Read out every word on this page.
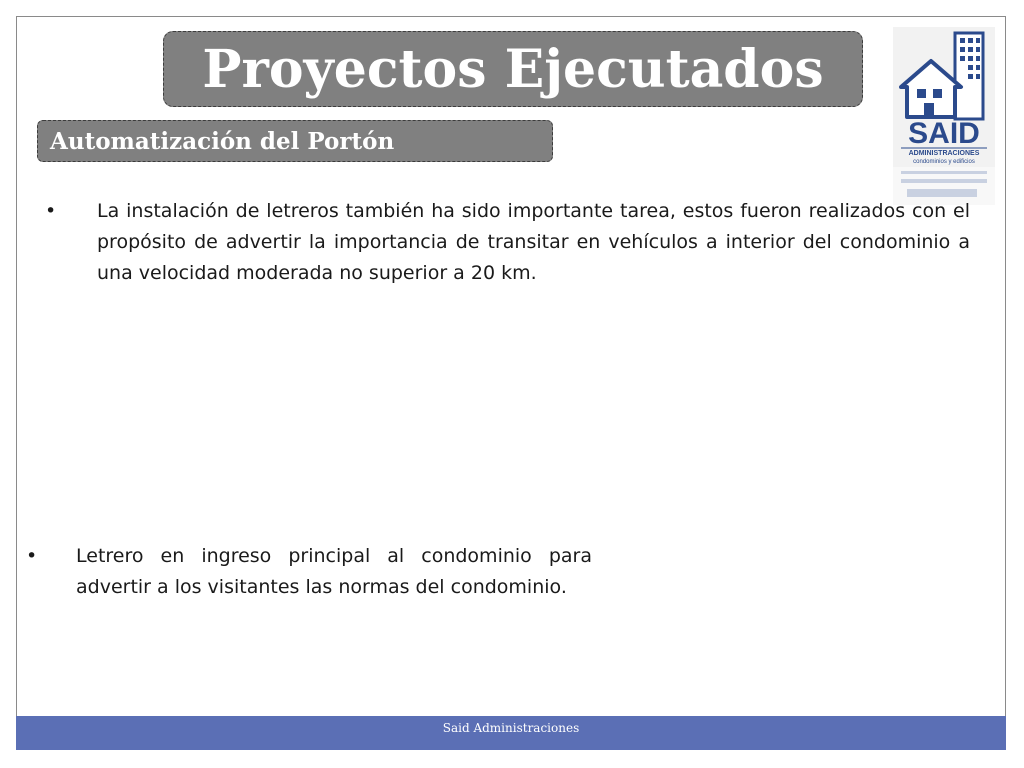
Proyectos Ejecutados
Automatización del Portón	SAID
ADMINISTRACIONES
condominios y edificios
•	La instalación de letreros también ha sido importante tarea, estos fueron realizados con el propósito de advertir la importancia de transitar en vehículos a interior del condominio a una velocidad moderada no superior a 20 km.
•	Letrero en ingreso principal al condominio para advertir a los visitantes las normas del condominio.
Said Administraciones
